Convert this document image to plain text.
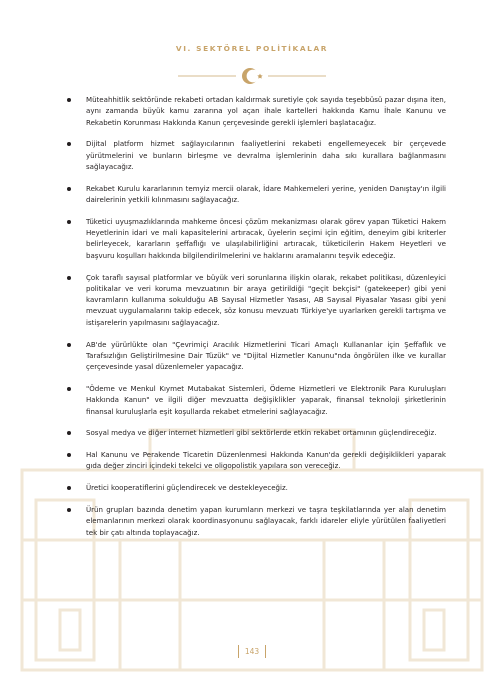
VI. SEKTÖREL POLİTİKALAR
Müteahhitlik sektöründe rekabeti ortadan kaldırmak suretiyle çok sayıda teşebbüsü pazar dışına iten, aynı zamanda büyük kamu zararına yol açan ihale kartelleri hakkında Kamu İhale Kanunu ve Rekabetin Korunması Hakkında Kanun çerçevesinde gerekli işlemleri başlatacağız.
Dijital platform hizmet sağlayıcılarının faaliyetlerini rekabeti engellemeyecek bir çerçevede yürütmelerini ve bunların birleşme ve devralma işlemlerinin daha sıkı kurallara bağlanmasını sağlayacağız.
Rekabet Kurulu kararlarının temyiz mercii olarak, İdare Mahkemeleri yerine, yeniden Danıştay'ın ilgili dairelerinin yetkili kılınmasını sağlayacağız.
Tüketici uyuşmazlıklarında mahkeme öncesi çözüm mekanizması olarak görev yapan Tüketici Hakem Heyetlerinin idari ve mali kapasitelerini artıracak, üyelerin seçimi için eğitim, deneyim gibi kriterler belirleyecek, kararların şeffaflığı ve ulaşılabilirliğini artıracak, tüketicilerin Hakem Heyetleri ve başvuru koşulları hakkında bilgilendirilmelerini ve haklarını aramalarını teşvik edeceğiz.
Çok taraflı sayısal platformlar ve büyük veri sorunlarına ilişkin olarak, rekabet politikası, düzenleyici politikalar ve veri koruma mevzuatının bir araya getirildiği "geçit bekçisi" (gatekeeper) gibi yeni kavramların kullanıma sokulduğu AB Sayısal Hizmetler Yasası, AB Sayısal Piyasalar Yasası gibi yeni mevzuat uygulamalarını takip edecek, söz konusu mevzuatı Türkiye'ye uyarlarken gerekli tartışma ve istişarelerin yapılmasını sağlayacağız.
AB'de yürürlükte olan "Çevrimiçi Aracılık Hizmetlerini Ticari Amaçlı Kullananlar için Şeffaflık ve Tarafsızlığın Geliştirilmesine Dair Tüzük" ve "Dijital Hizmetler Kanunu"nda öngörülen ilke ve kurallar çerçevesinde yasal düzenlemeler yapacağız.
"Ödeme ve Menkul Kıymet Mutabakat Sistemleri, Ödeme Hizmetleri ve Elektronik Para Kuruluşları Hakkında Kanun" ve ilgili diğer mevzuatta değişiklikler yaparak, finansal teknoloji şirketlerinin finansal kuruluşlarla eşit koşullarda rekabet etmelerini sağlayacağız.
Sosyal medya ve diğer internet hizmetleri gibi sektörlerde etkin rekabet ortamının güçlendireceğiz.
Hal Kanunu ve Perakende Ticaretin Düzenlenmesi Hakkında Kanun'da gerekli değişiklikleri yaparak gıda değer zinciri içindeki tekelci ve oligopolistik yapılara son vereceğiz.
Üretici kooperatiflerini güçlendirecek ve destekleyeceğiz.
Ürün grupları bazında denetim yapan kurumların merkezi ve taşra teşkilatlarında yer alan denetim elemanlarının merkezi olarak koordinasyonunu sağlayacak, farklı idareler eliyle yürütülen faaliyetleri tek bir çatı altında toplayacağız.
143
